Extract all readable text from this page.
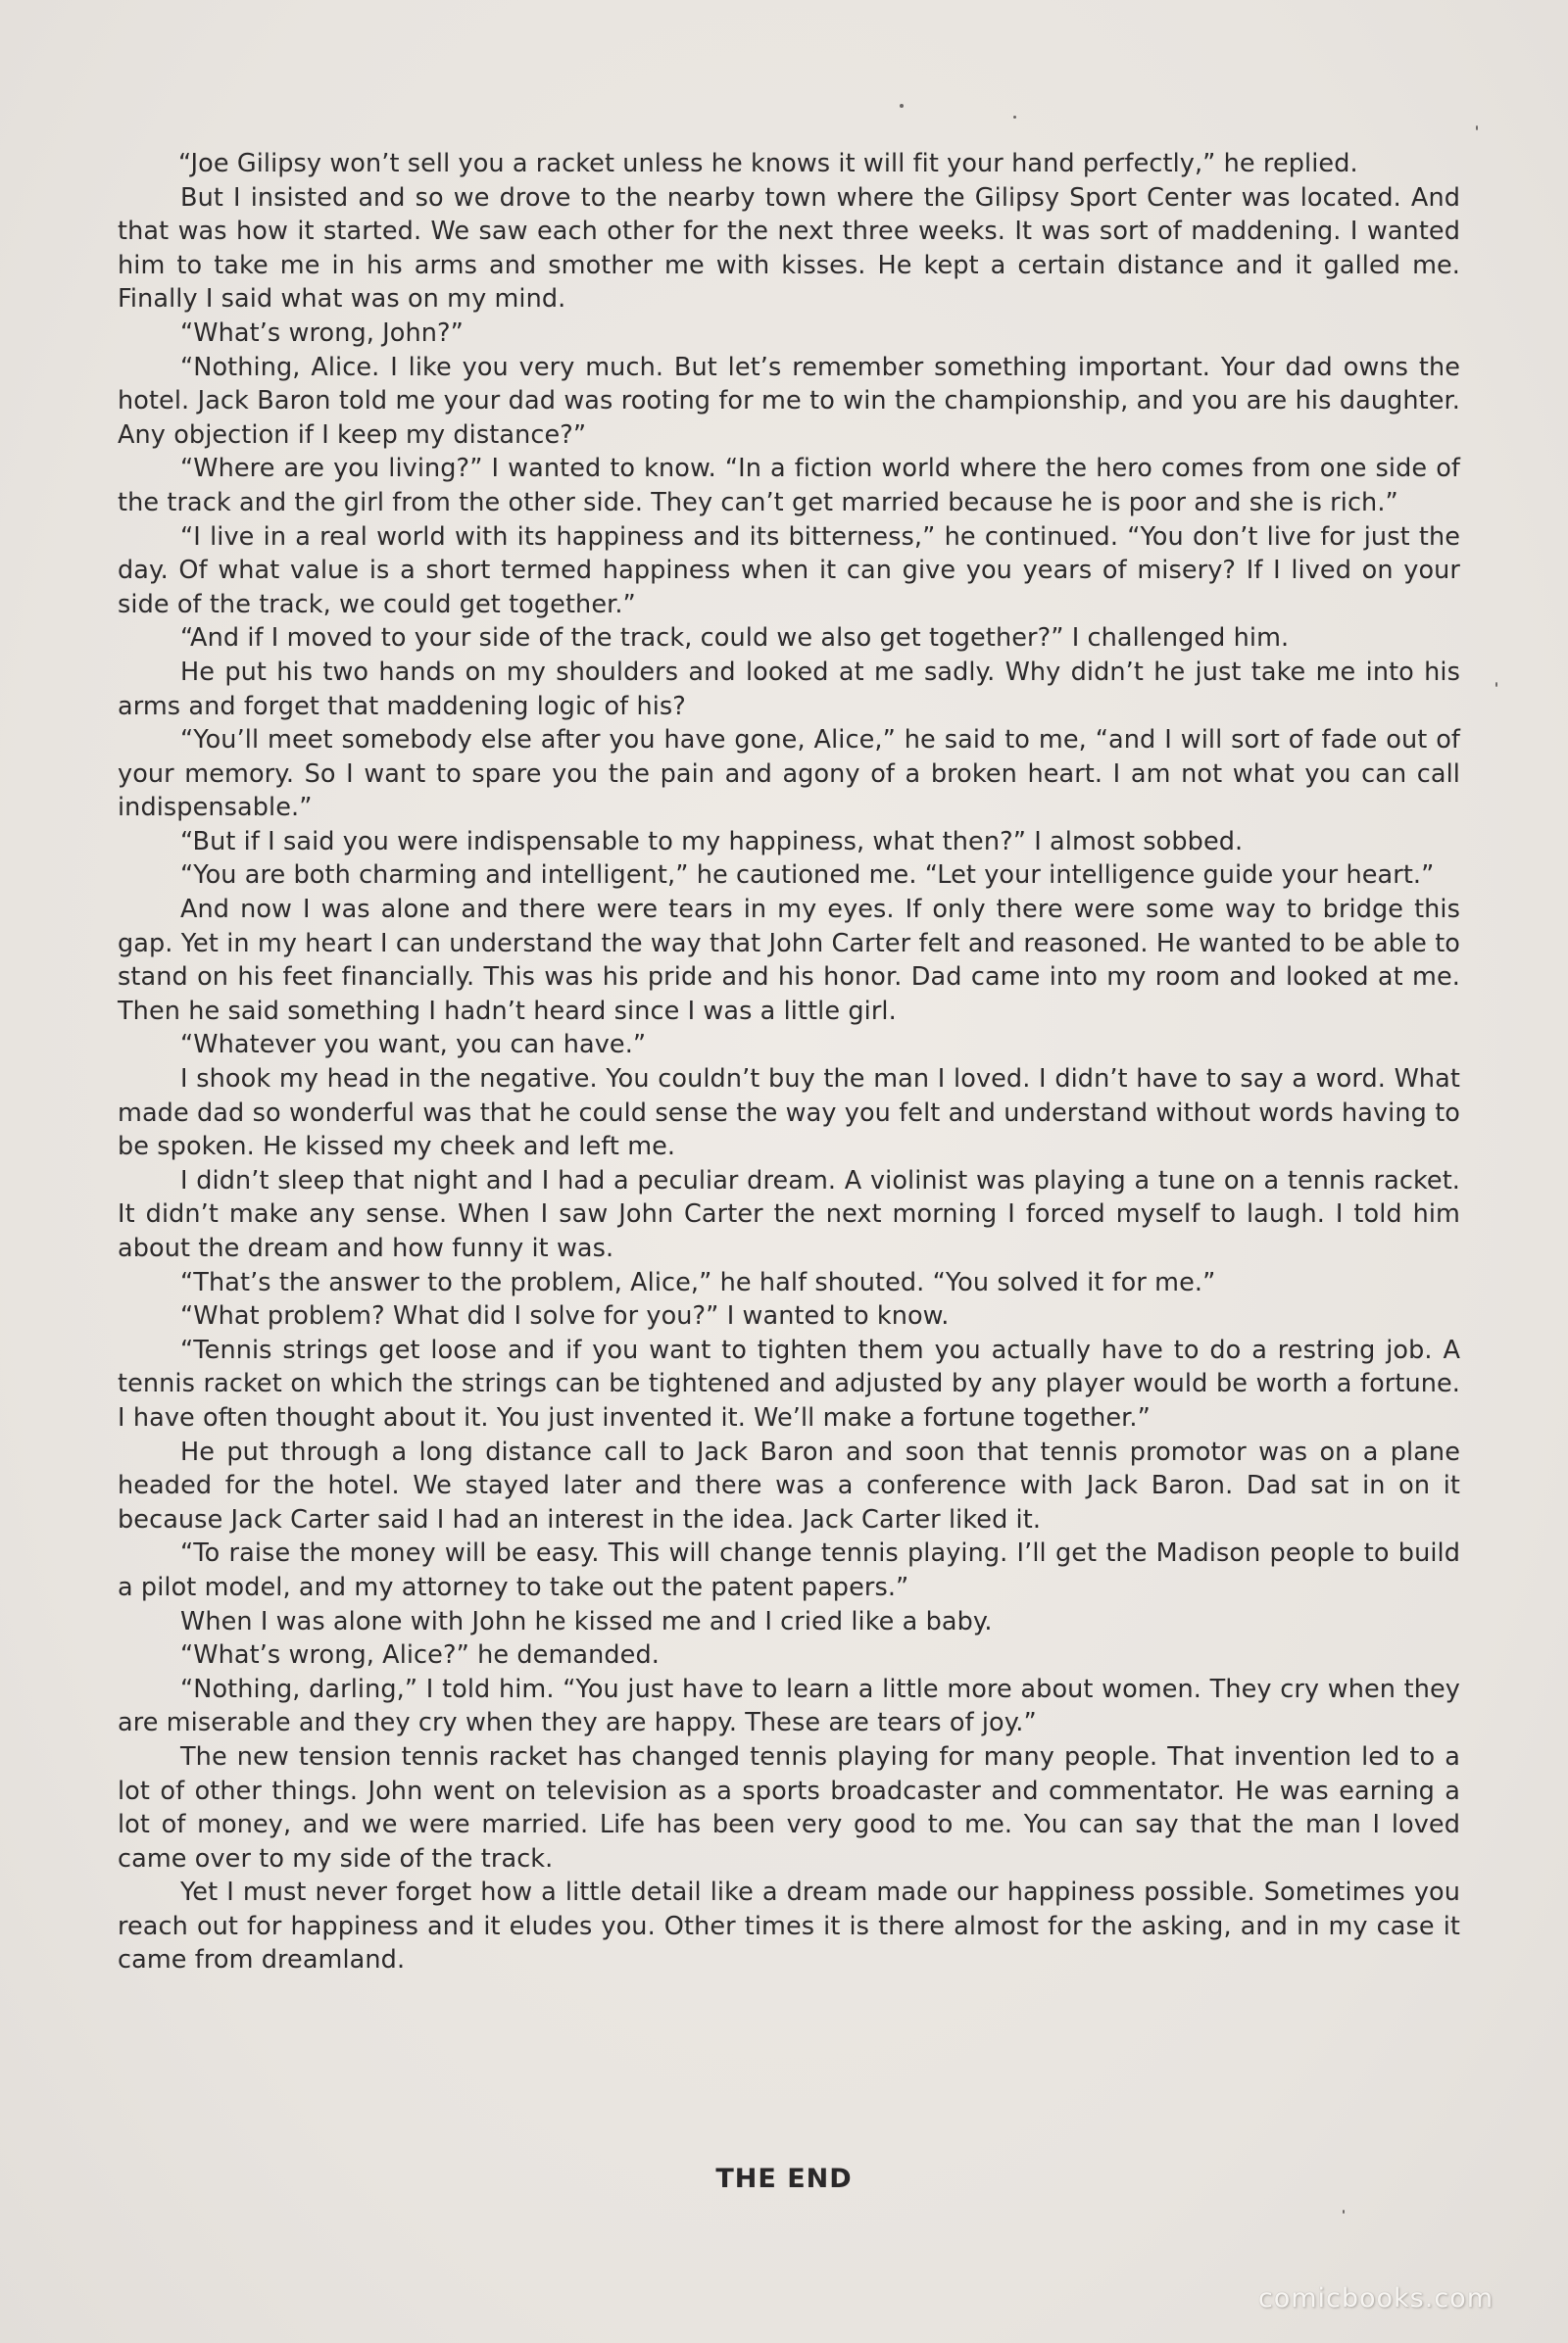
“Joe Gilipsy won’t sell you a racket unless he knows it will fit your hand perfectly,” he replied.

But I insisted and so we drove to the nearby town where the Gilipsy Sport Center was located. And that was how it started. We saw each other for the next three weeks. It was sort of maddening. I wanted him to take me in his arms and smother me with kisses. He kept a certain distance and it galled me. Finally I said what was on my mind.

“What’s wrong, John?”

“Nothing, Alice. I like you very much. But let’s remember something important. Your dad owns the hotel. Jack Baron told me your dad was rooting for me to win the championship, and you are his daughter. Any objection if I keep my distance?”

“Where are you living?” I wanted to know. “In a fiction world where the hero comes from one side of the track and the girl from the other side. They can’t get married because he is poor and she is rich.”

“I live in a real world with its happiness and its bitterness,” he continued. “You don’t live for just the day. Of what value is a short termed happiness when it can give you years of misery? If I lived on your side of the track, we could get together.”

“And if I moved to your side of the track, could we also get together?” I challenged him.

He put his two hands on my shoulders and looked at me sadly. Why didn’t he just take me into his arms and forget that maddening logic of his?

“You’ll meet somebody else after you have gone, Alice,” he said to me, “and I will sort of fade out of your memory. So I want to spare you the pain and agony of a broken heart. I am not what you can call indispensable.”

“But if I said you were indispensable to my happiness, what then?” I almost sobbed.

“You are both charming and intelligent,” he cautioned me. “Let your intelligence guide your heart.”

And now I was alone and there were tears in my eyes. If only there were some way to bridge this gap. Yet in my heart I can understand the way that John Carter felt and reasoned. He wanted to be able to stand on his feet financially. This was his pride and his honor. Dad came into my room and looked at me. Then he said something I hadn’t heard since I was a little girl.

“Whatever you want, you can have.”

I shook my head in the negative. You couldn’t buy the man I loved. I didn’t have to say a word. What made dad so wonderful was that he could sense the way you felt and understand without words having to be spoken. He kissed my cheek and left me.

I didn’t sleep that night and I had a peculiar dream. A violinist was playing a tune on a tennis racket. It didn’t make any sense. When I saw John Carter the next morning I forced myself to laugh. I told him about the dream and how funny it was.

“That’s the answer to the problem, Alice,” he half shouted. “You solved it for me.”

“What problem? What did I solve for you?” I wanted to know.

“Tennis strings get loose and if you want to tighten them you actually have to do a restring job. A tennis racket on which the strings can be tightened and adjusted by any player would be worth a fortune. I have often thought about it. You just invented it. We’ll make a fortune together.”

He put through a long distance call to Jack Baron and soon that tennis promotor was on a plane headed for the hotel. We stayed later and there was a conference with Jack Baron. Dad sat in on it because Jack Carter said I had an interest in the idea. Jack Carter liked it.

“To raise the money will be easy. This will change tennis playing. I’ll get the Madison people to build a pilot model, and my attorney to take out the patent papers.”

When I was alone with John he kissed me and I cried like a baby.

“What’s wrong, Alice?” he demanded.

“Nothing, darling,” I told him. “You just have to learn a little more about women. They cry when they are miserable and they cry when they are happy. These are tears of joy.”

The new tension tennis racket has changed tennis playing for many people. That invention led to a lot of other things. John went on television as a sports broadcaster and commentator. He was earning a lot of money, and we were married. Life has been very good to me. You can say that the man I loved came over to my side of the track.

Yet I must never forget how a little detail like a dream made our happiness possible. Sometimes you reach out for happiness and it eludes you. Other times it is there almost for the asking, and in my case it came from dreamland.

THE END
comicbooks.com
